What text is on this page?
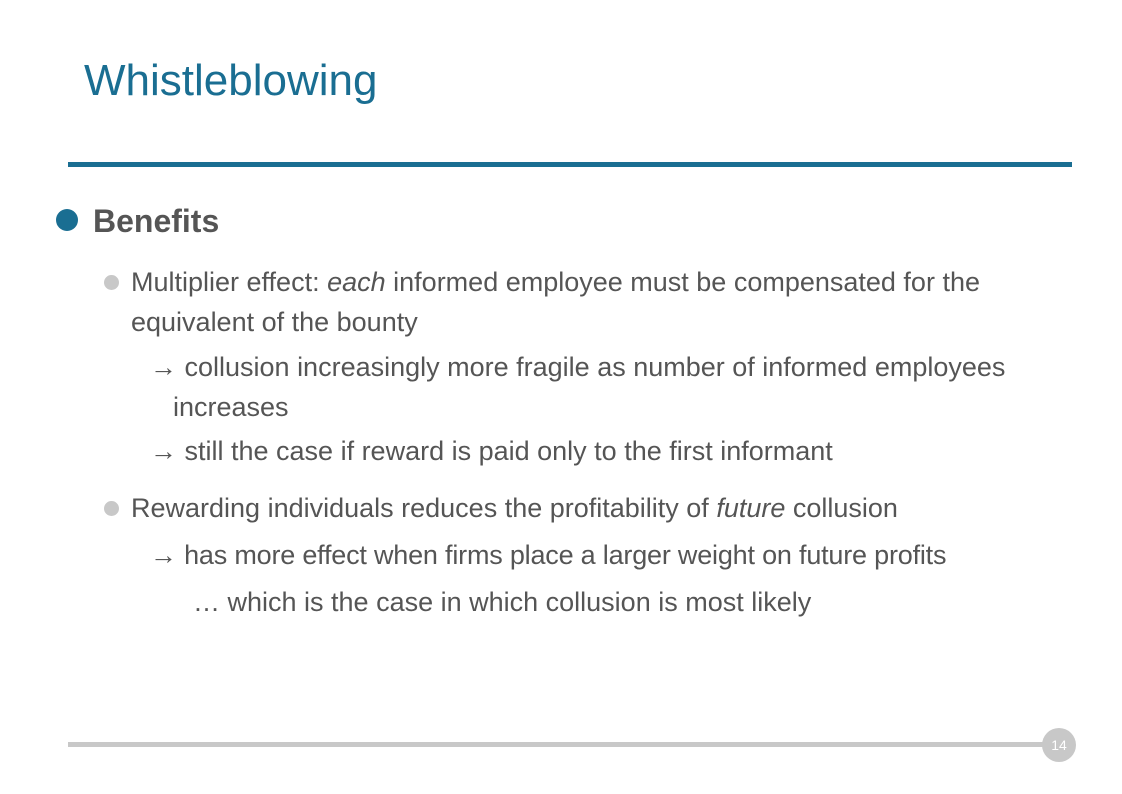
Whistleblowing
Benefits
Multiplier effect: each informed employee must be compensated for the equivalent of the bounty
→ collusion increasingly more fragile as number of informed employees increases
→ still the case if reward is paid only to the first informant
Rewarding individuals reduces the profitability of future collusion
→ has more effect when firms place a larger weight on future profits
… which is the case in which collusion is most likely
14
